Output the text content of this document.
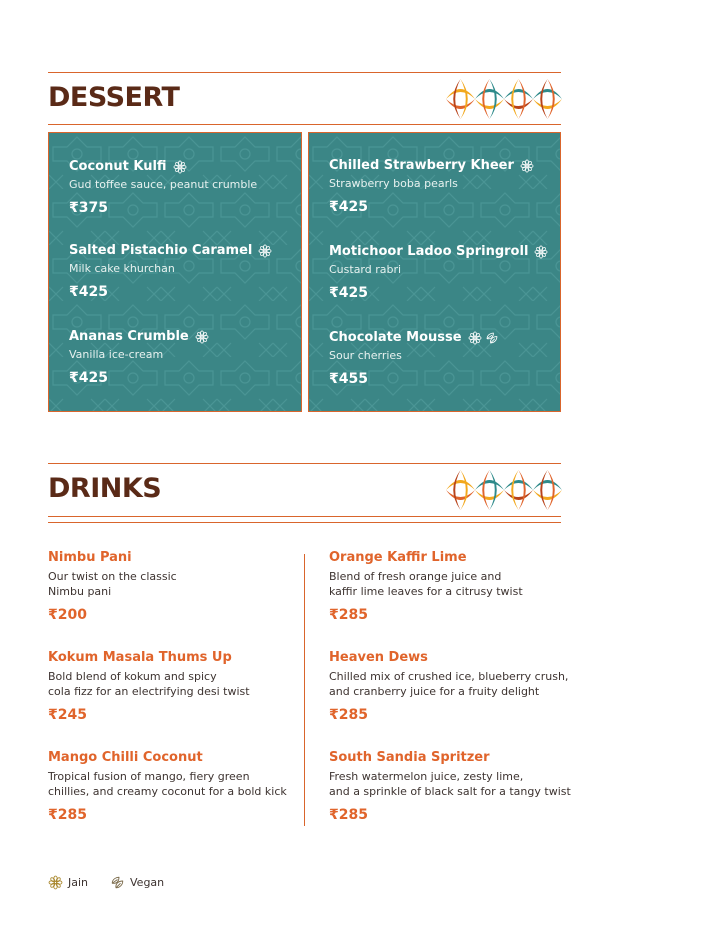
DESSERT
Coconut Kulfi
Gud toffee sauce, peanut crumble
₹375
Salted Pistachio Caramel
Milk cake khurchan
₹425
Ananas Crumble
Vanilla ice-cream
₹425
Chilled Strawberry Kheer
Strawberry boba pearls
₹425
Motichoor Ladoo Springroll
Custard rabri
₹425
Chocolate Mousse
Sour cherries
₹455
DRINKS
Nimbu Pani
Our twist on the classic
Nimbu pani
₹200
Kokum Masala Thums Up
Bold blend of kokum and spicy
cola fizz for an electrifying desi twist
₹245
Mango Chilli Coconut
Tropical fusion of mango, fiery green
chillies, and creamy coconut for a bold kick
₹285
Orange Kaffir Lime
Blend of fresh orange juice and
kaffir lime leaves for a citrusy twist
₹285
Heaven Dews
Chilled mix of crushed ice, blueberry crush,
and cranberry juice for a fruity delight
₹285
South Sandia Spritzer
Fresh watermelon juice, zesty lime,
and a sprinkle of black salt for a tangy twist
₹285
Jain	Vegan
